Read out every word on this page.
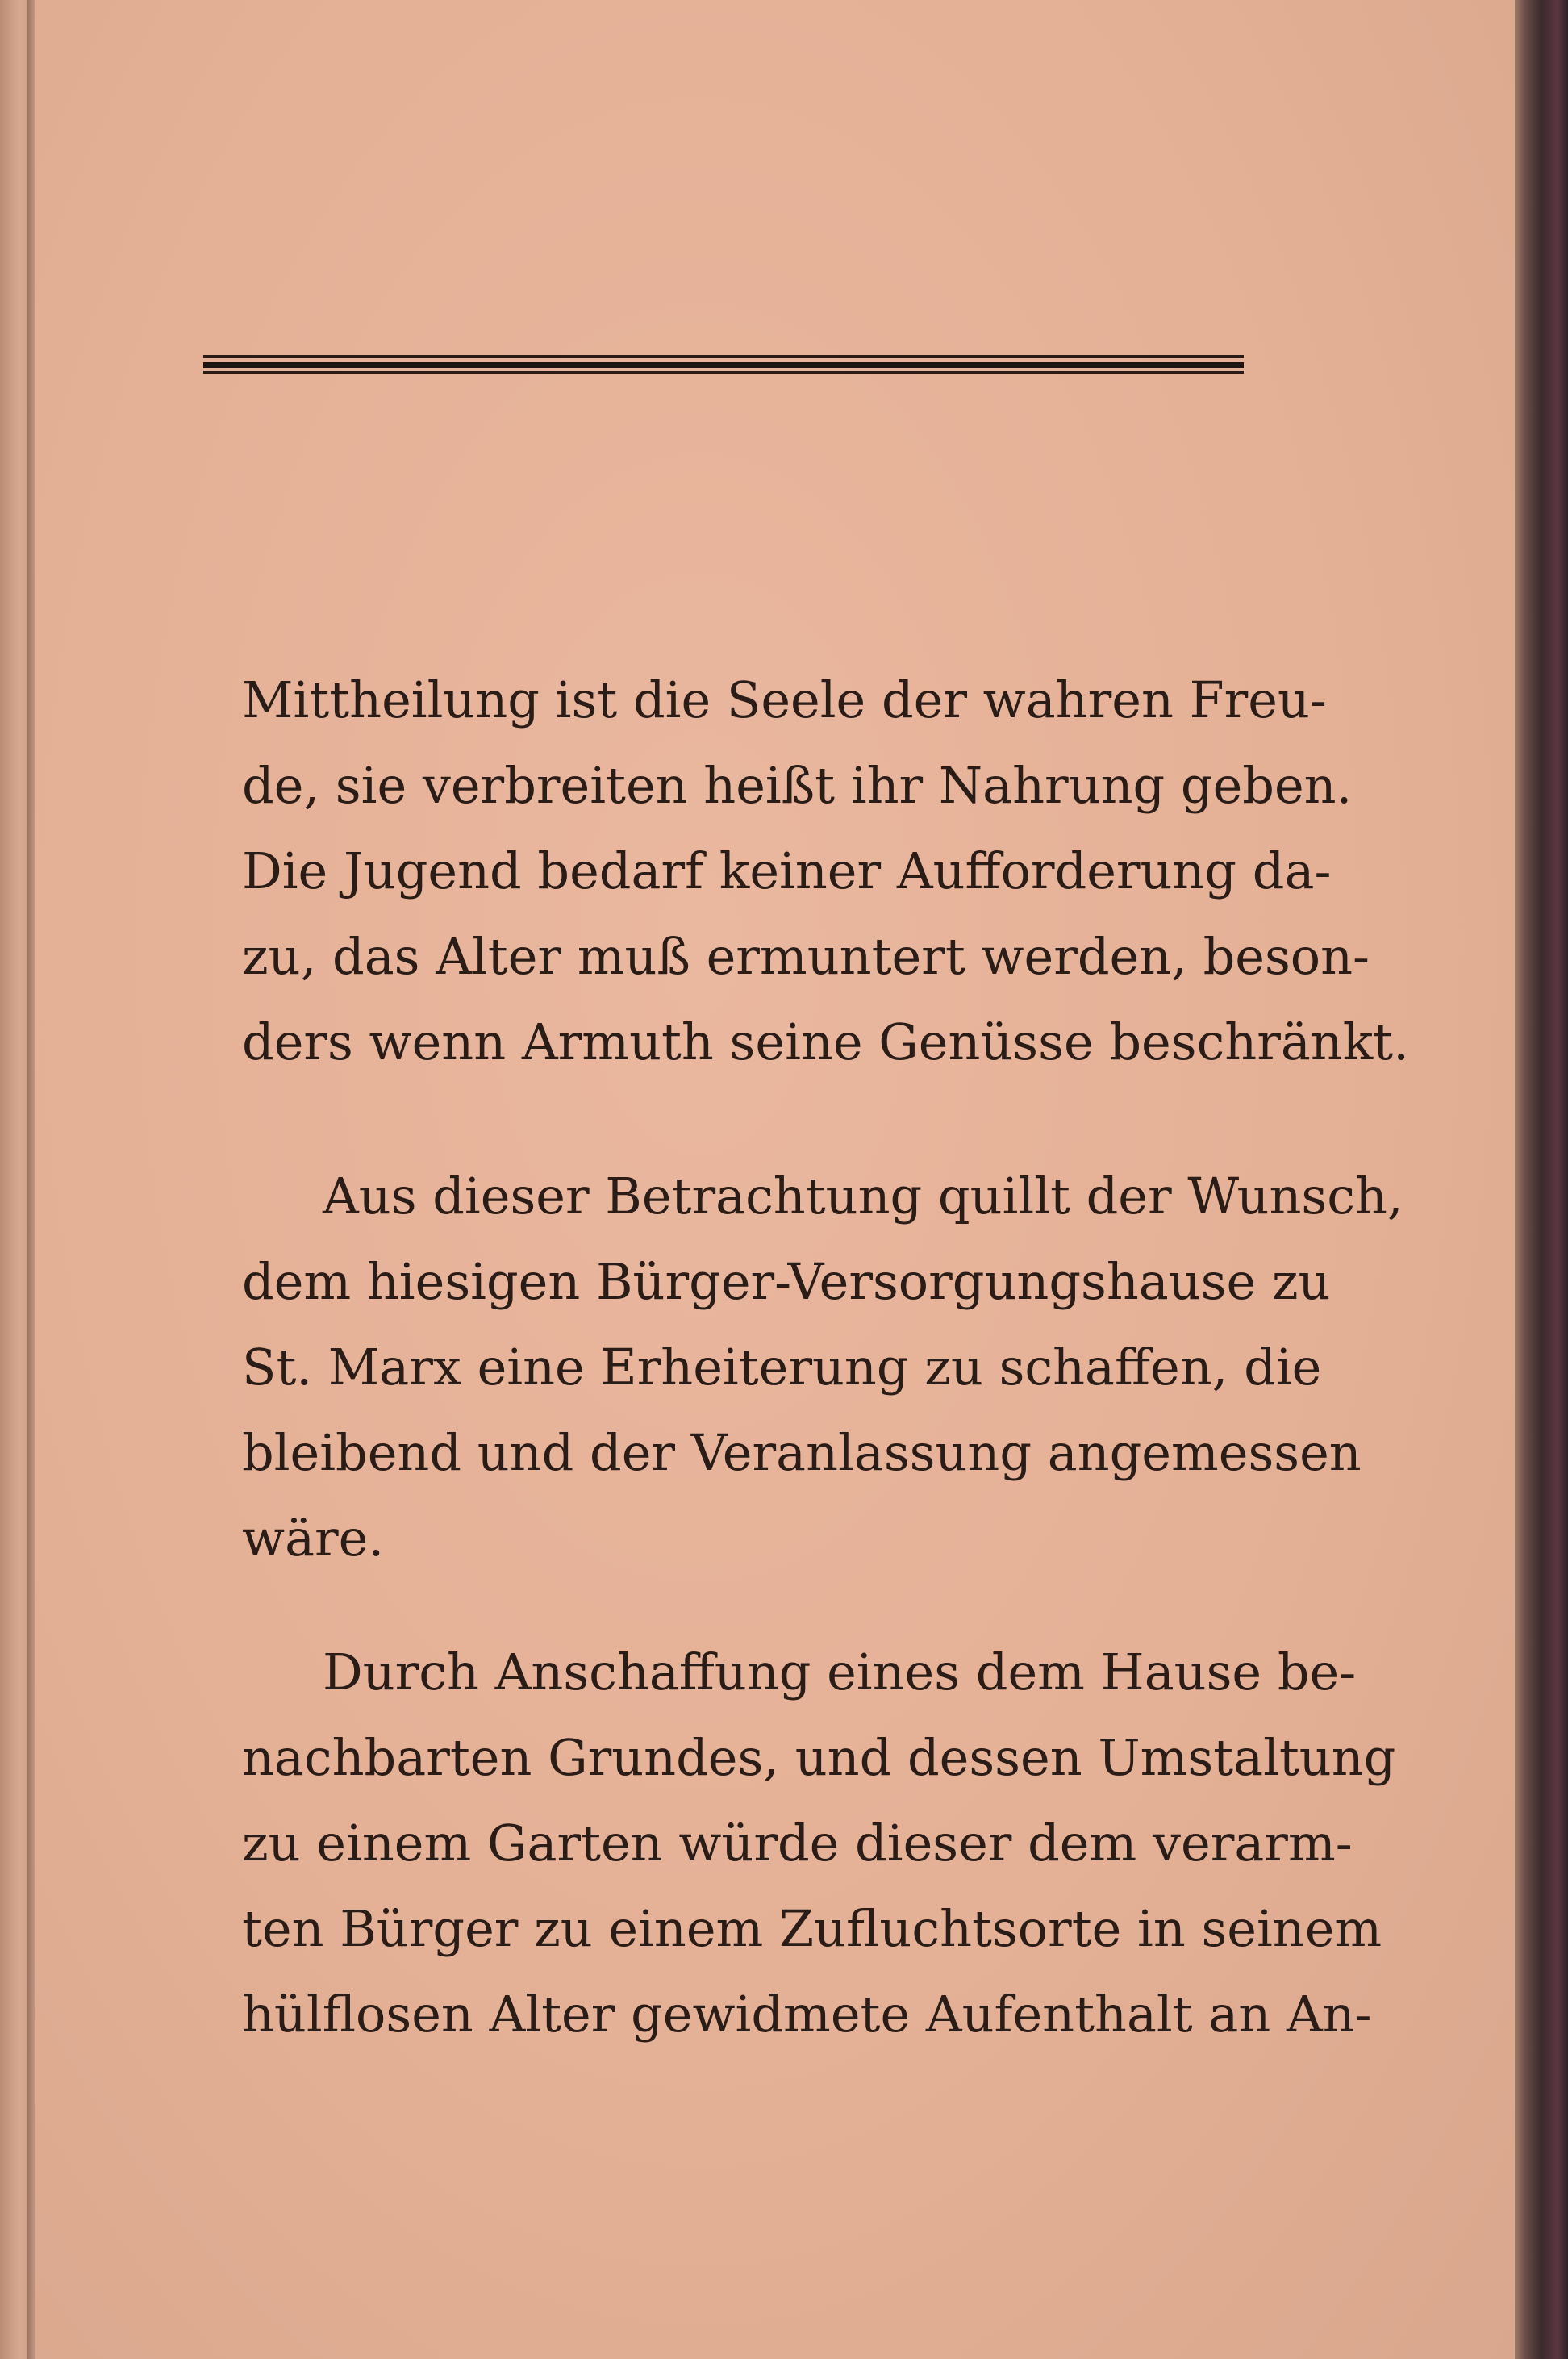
Mittheilung ist die Seele der wahren Freu-
de, sie verbreiten heißt ihr Nahrung geben.
Die Jugend bedarf keiner Aufforderung da-
zu, das Alter muß ermuntert werden, beson-
ders wenn Armuth seine Genüsse beschränkt.
Aus dieser Betrachtung quillt der Wunsch,
dem hiesigen Bürger-Versorgungshause zu
St. Marx eine Erheiterung zu schaffen, die
bleibend und der Veranlassung angemessen
wäre.
Durch Anschaffung eines dem Hause be-
nachbarten Grundes, und dessen Umstaltung
zu einem Garten würde dieser dem verarm-
ten Bürger zu einem Zufluchtsorte in seinem
hülflosen Alter gewidmete Aufenthalt an An-
